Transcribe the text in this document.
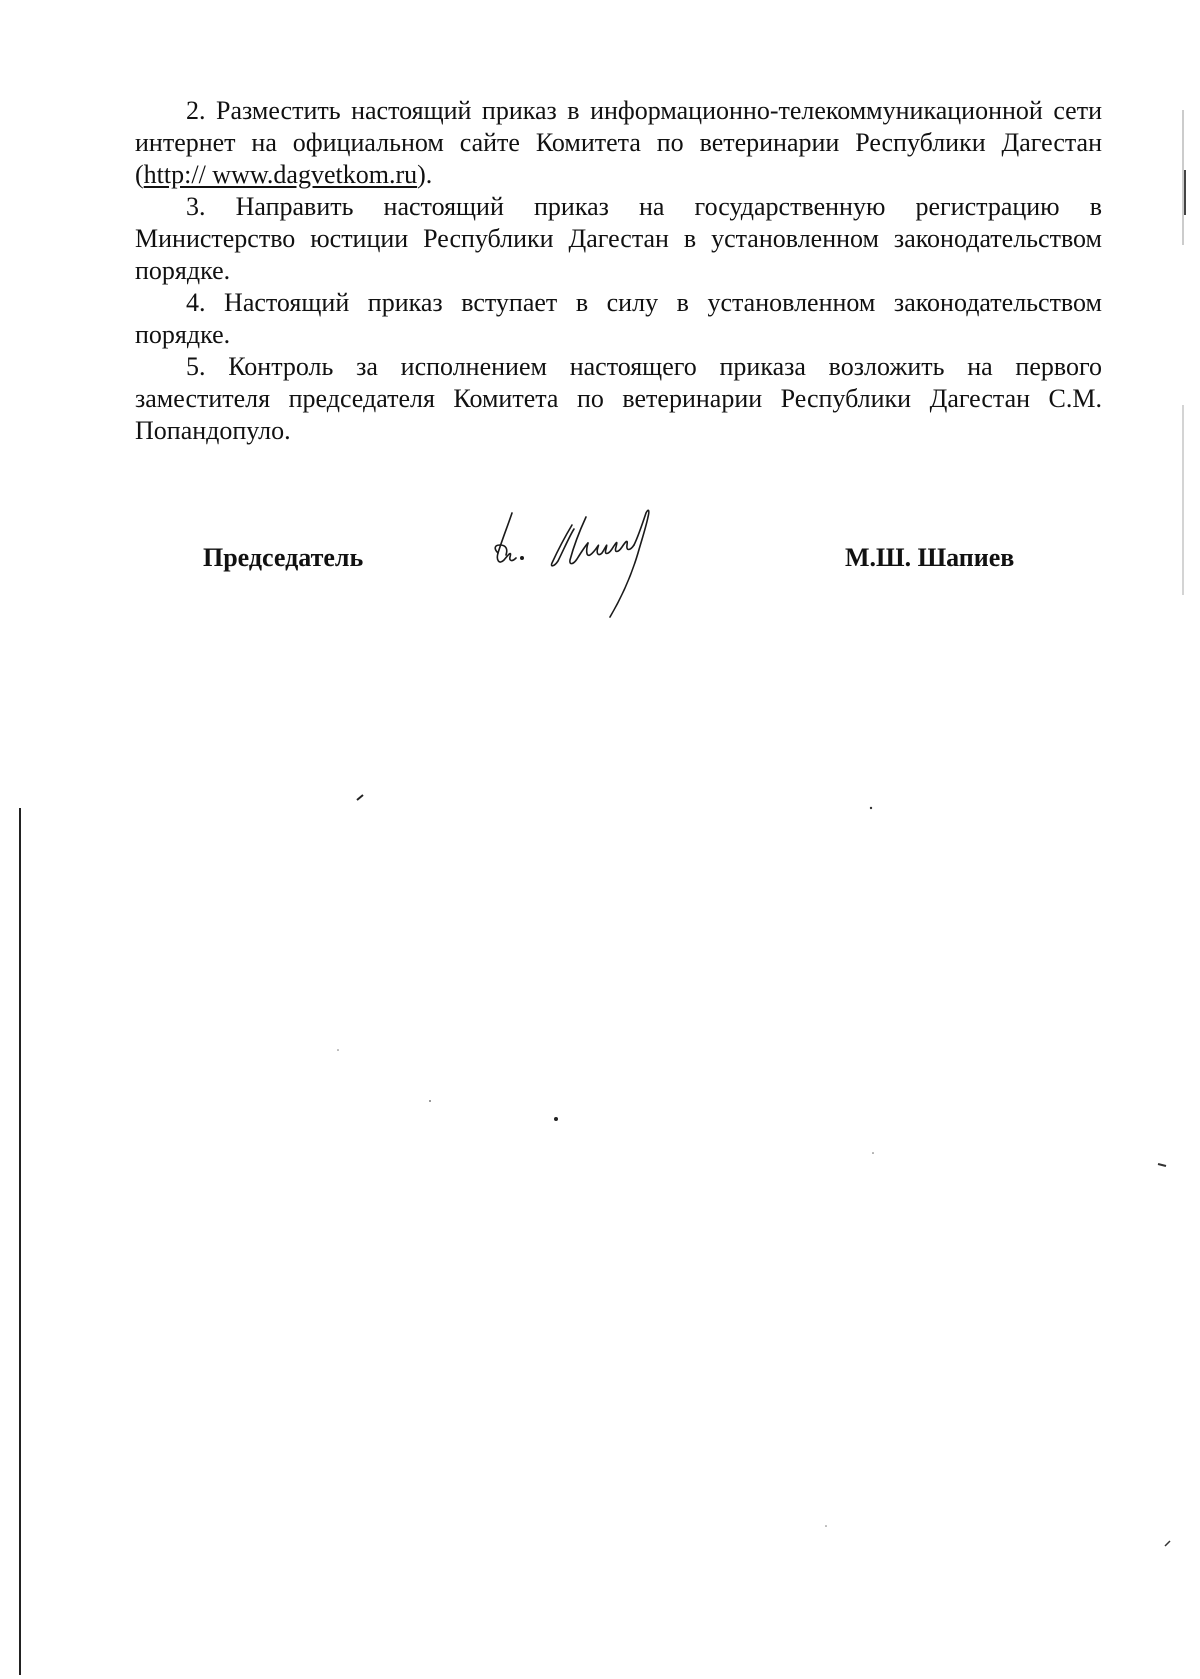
2. Разместить настоящий приказ в информационно-телекоммуникационной сети интернет на официальном сайте Комитета по ветеринарии Республики Дагестан (http:// www.dagvetkom.ru).

3. Направить настоящий приказ на государственную регистрацию в Министерство юстиции Республики Дагестан в установленном законодательством порядке.

4. Настоящий приказ вступает в силу в установленном законодательством порядке.

5. Контроль за исполнением настоящего приказа возложить на первого заместителя председателя Комитета по ветеринарии Республики Дагестан С.М. Попандопуло.

Председатель	М.Ш. Шапиев
